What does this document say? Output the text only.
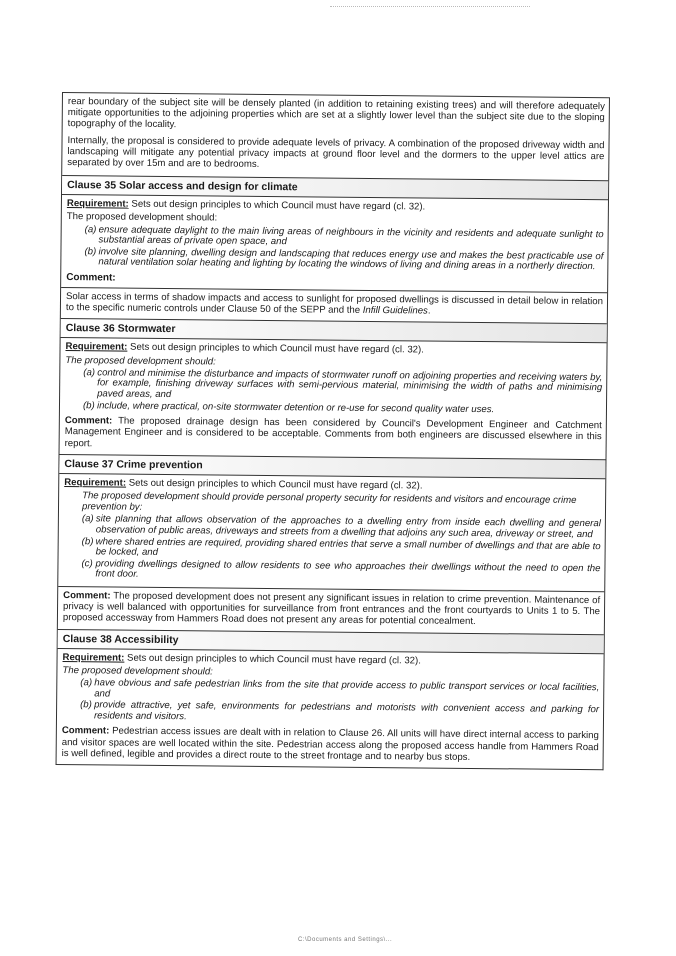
rear boundary of the subject site will be densely planted (in addition to retaining existing trees) and will therefore adequately mitigate opportunities to the adjoining properties which are set at a slightly lower level than the subject site due to the sloping topography of the locality.

Internally, the proposal is considered to provide adequate levels of privacy. A combination of the proposed driveway width and landscaping will mitigate any potential privacy impacts at ground floor level and the dormers to the upper level attics are separated by over 15m and are to bedrooms.

Clause 35 Solar access and design for climate

Requirement: Sets out design principles to which Council must have regard (cl. 32).

The proposed development should:
(a) ensure adequate daylight to the main living areas of neighbours in the vicinity and residents and adequate sunlight to substantial areas of private open space, and
(b) involve site planning, dwelling design and landscaping that reduces energy use and makes the best practicable use of natural ventilation solar heating and lighting by locating the windows of living and dining areas in a northerly direction.
Comment:

Solar access in terms of shadow impacts and access to sunlight for proposed dwellings is discussed in detail below in relation to the specific numeric controls under Clause 50 of the SEPP and the Infill Guidelines.

Clause 36 Stormwater

Requirement: Sets out design principles to which Council must have regard (cl. 32).

The proposed development should:
(a) control and minimise the disturbance and impacts of stormwater runoff on adjoining properties and receiving waters by, for example, finishing driveway surfaces with semi-pervious material, minimising the width of paths and minimising paved areas, and
(b) include, where practical, on-site stormwater detention or re-use for second quality water uses.

Comment: The proposed drainage design has been considered by Council's Development Engineer and Catchment Management Engineer and is considered to be acceptable. Comments from both engineers are discussed elsewhere in this report.

Clause 37 Crime prevention

Requirement: Sets out design principles to which Council must have regard (cl. 32).

The proposed development should provide personal property security for residents and visitors and encourage crime prevention by:
(a) site planning that allows observation of the approaches to a dwelling entry from inside each dwelling and general observation of public areas, driveways and streets from a dwelling that adjoins any such area, driveway or street, and
(b) where shared entries are required, providing shared entries that serve a small number of dwellings and that are able to be locked, and
(c) providing dwellings designed to allow residents to see who approaches their dwellings without the need to open the front door.

Comment: The proposed development does not present any significant issues in relation to crime prevention. Maintenance of privacy is well balanced with opportunities for surveillance from front entrances and the front courtyards to Units 1 to 5. The proposed accessway from Hammers Road does not present any areas for potential concealment.

Clause 38 Accessibility

Requirement: Sets out design principles to which Council must have regard (cl. 32).

The proposed development should:
(a) have obvious and safe pedestrian links from the site that provide access to public transport services or local facilities, and
(b) provide attractive, yet safe, environments for pedestrians and motorists with convenient access and parking for residents and visitors.

Comment: Pedestrian access issues are dealt with in relation to Clause 26. All units will have direct internal access to parking and visitor spaces are well located within the site. Pedestrian access along the proposed access handle from Hammers Road is well defined, legible and provides a direct route to the street frontage and to nearby bus stops.

C:\Documents and Settings\...
